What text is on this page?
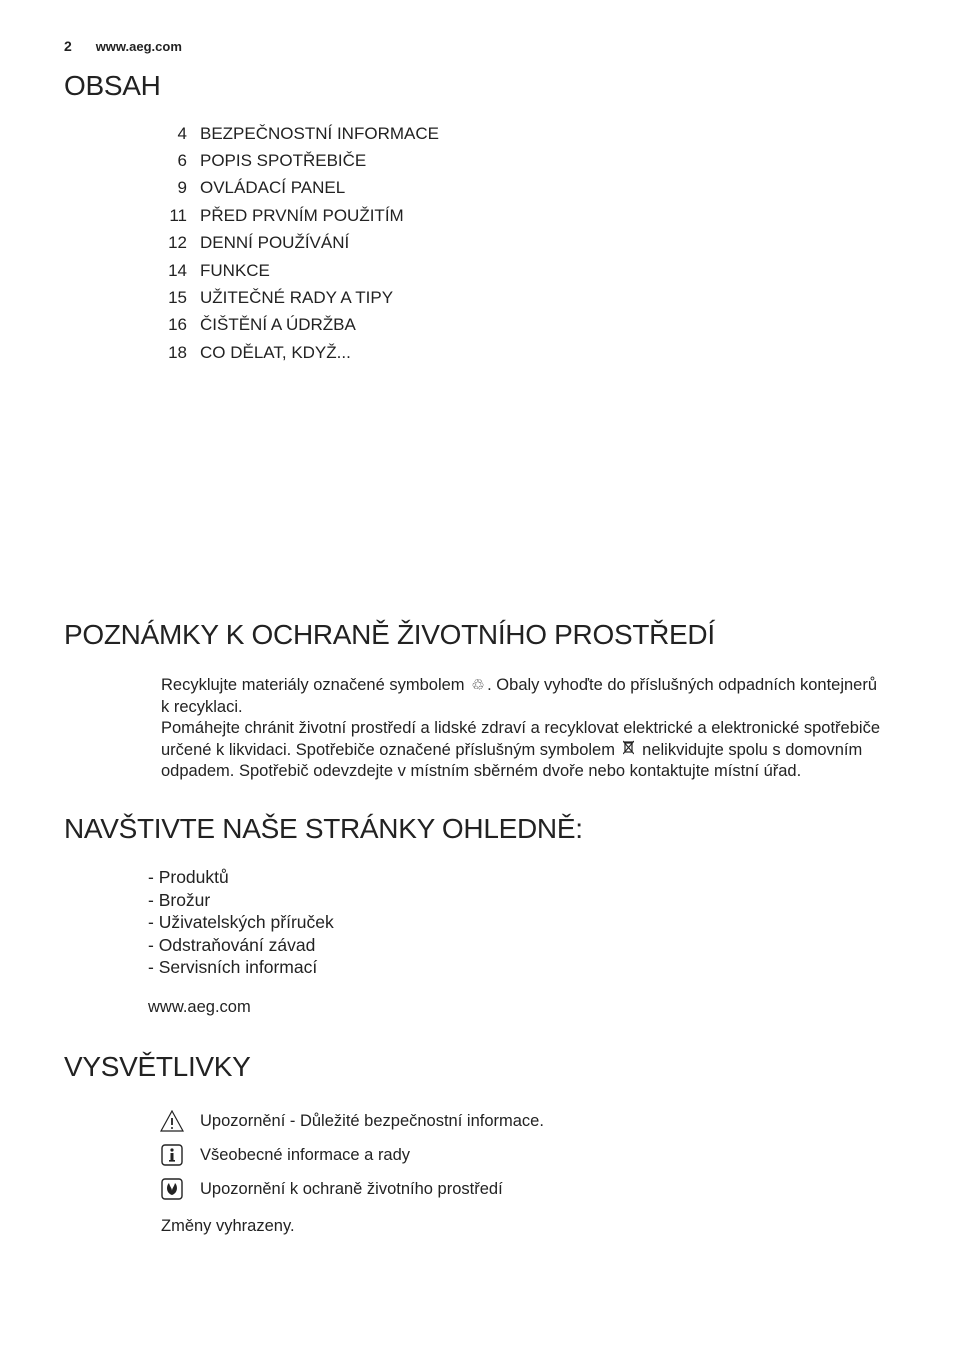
2 www.aeg.com
OBSAH
4 BEZPEČNOSTNÍ INFORMACE
6 POPIS SPOTŘEBIČE
9 OVLÁDACÍ PANEL
11 PŘED PRVNÍM POUŽITÍM
12 DENNÍ POUŽÍVÁNÍ
14 FUNKCE
15 UŽITEČNÉ RADY A TIPY
16 ČIŠTĚNÍ A ÚDRŽBA
18 CO DĚLAT, KDYŽ...
POZNÁMKY K OCHRANĚ ŽIVOTNÍHO PROSTŘEDÍ

Recyklujte materiály označené symbolem ♲ . Obaly vyhoďte do příslušných odpadních kontejnerů k recyklaci.

Pomáhejte chránit životní prostředí a lidské zdraví a recyklovat elektrické a elektronické spotřebiče určené k likvidaci. Spotřebiče označené příslušným symbolem nelikvidujte spolu s domovním odpadem. Spotřebič odevzdejte v místním sběrném dvoře nebo kontaktujte místní úřad.

NAVŠTIVTE NAŠE STRÁNKY OHLEDNĚ:
- Produktů
- Brožur
- Uživatelských příruček
- Odstraňování závad
- Servisních informací
www.aeg.com
VYSVĚTLIVKY
Upozornění - Důležité bezpečnostní informace.
Všeobecné informace a rady
Upozornění k ochraně životního prostředí
Změny vyhrazeny.
